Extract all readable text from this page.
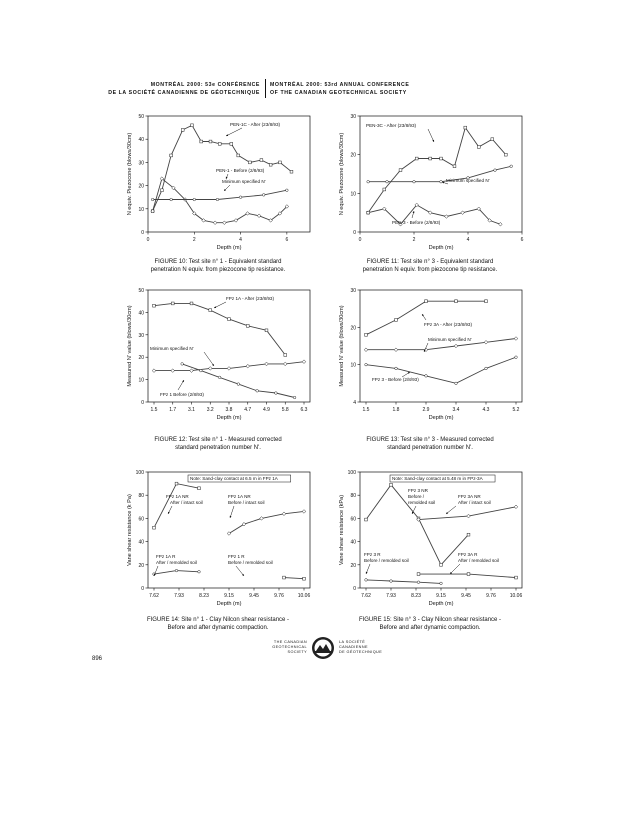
MONTRÉAL 2000: 53e CONFÉRENCE
DE LA SOCIÉTÉ CANADIENNE DE GÉOTECHNIQUE
MONTRÉAL 2000: 53rd ANNUAL CONFERENCE
OF THE CANADIAN GEOTECHNICAL SOCIETY
0
10
20
30
40
50
0	2	4	6
Depth (m)
N equiv. Piezocone (blows/30cm)
PEN-1C - After (23/8/93)
PEN-1 - Before (2/8/93)
Minimum specified N'
0
10
20
30
0	2	4	6
Depth (m)
N equiv. Piezocone (blows/30cm)
PEN-3C - After (23/8/93)
PEN-3 - Before (2/8/93)
Minimum specified N'
0
10
20
30
40
50
1.5 1.7 3.1 3.2 3.8 4.7 4.9 5.8 6.3
Depth (m)
Measured N' value (blows/30cm)
FPz 1A - After (23/8/93)
Minimum specified N'
FPz 1 Before (2/8/93)
4
10
20
30
1.5	1.8	2.9	3.4	4.3	5.2
Depth (m)
Measured N' value (blows/30cm)	FPz 3A - After (23/8/93)
Minimum specified N'
FPz 3 - Before (2/8/93)
0
20
40
60
80
100
7.62	7.93	8.23	9.15	9.45	9.76	10.06
Depth (m)
Vane shear resistance (k Pa)
Note: Sand-clay contact at 6.5 m in FPz 1A
FPz 1A NR
After / intact soil
FPz 1A NR
Before / intact soil
FPz 1A R
After / remolded soil
FPz 1 R
Before / remolded soil
0
20
40
60
80
100
7.62	7.93	8.23	9.15	9.45	9.76	10.06
Depth (m)
Vane shear resistance (kPa)
Note: Sand-clay contact at 5.48 m in FPz-3A
FPz 3 NR
Before /
remolded soil
FPz 3A NR
After / intact soil
FPz 3 R
Before / remolded soil
FPz 3A R
After / remolded soil
FIGURE 10: Test site n° 1 - Equivalent standard
penetration N equiv. from piezocone tip resistance.
FIGURE 11: Test site n° 3 - Equivalent standard
penetration N equiv. from piezocone tip resistance.
FIGURE 12: Test site n° 1 - Measured corrected
standard penetration number N'.
FIGURE 13: Test site n° 3 - Measured corrected
standard penetration number N'.
FIGURE 14: Site n° 1 - Clay Nilcon shear resistance -
Before and after dynamic compaction.
FIGURE 15: Site n° 3 - Clay Nilcon shear resistance -
Before and after dynamic compaction.
THE CANADIAN
GEOTECHNICAL
SOCIETY
LA SOCIÉTÉ
CANADIENNE
DE GÉOTECHNIQUE
896
